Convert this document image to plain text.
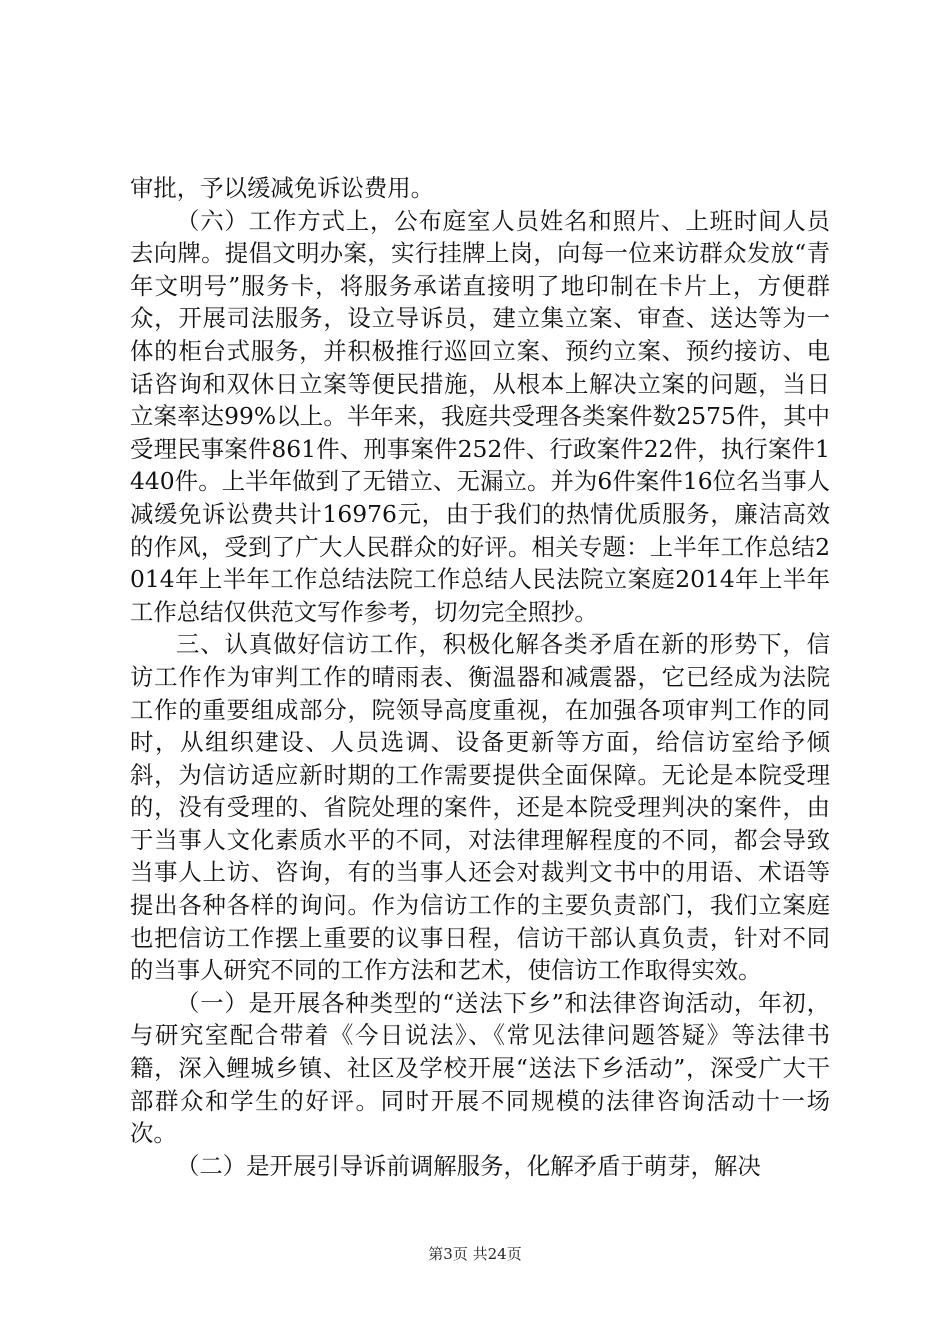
审批，予以缓减免诉讼费用。

（六）工作方式上，公布庭室人员姓名和照片、上班时间人员去向牌。提倡文明办案，实行挂牌上岗，向每一位来访群众发放“青年文明号”服务卡，将服务承诺直接明了地印制在卡片上，方便群众，开展司法服务，设立导诉员，建立集立案、审查、送达等为一体的柜台式服务，并积极推行巡回立案、预约立案、预约接访、电话咨询和双休日立案等便民措施，从根本上解决立案的问题，当日立案率达99%以上。半年来，我庭共受理各类案件数2575件，其中受理民事案件861件、刑事案件252件、行政案件22件，执行案件1440件。上半年做到了无错立、无漏立。并为6件案件16位名当事人减缓免诉讼费共计16976元，由于我们的热情优质服务，廉洁高效的作风，受到了广大人民群众的好评。相关专题：上半年工作总结2014年上半年工作总结法院工作总结人民法院立案庭2014年上半年工作总结仅供范文写作参考，切勿完全照抄。

三、认真做好信访工作，积极化解各类矛盾在新的形势下，信访工作作为审判工作的晴雨表、衡温器和减震器，它已经成为法院工作的重要组成部分，院领导高度重视，在加强各项审判工作的同时，从组织建设、人员选调、设备更新等方面，给信访室给予倾斜，为信访适应新时期的工作需要提供全面保障。无论是本院受理的，没有受理的、省院处理的案件，还是本院受理判决的案件，由于当事人文化素质水平的不同，对法律理解程度的不同，都会导致当事人上访、咨询，有的当事人还会对裁判文书中的用语、术语等提出各种各样的询问。作为信访工作的主要负责部门，我们立案庭也把信访工作摆上重要的议事日程，信访干部认真负责，针对不同的当事人研究不同的工作方法和艺术，使信访工作取得实效。

（一）是开展各种类型的“送法下乡”和法律咨询活动，年初，与研究室配合带着《今日说法》、《常见法律问题答疑》等法律书籍，深入鲤城乡镇、社区及学校开展“送法下乡活动”，深受广大干部群众和学生的好评。同时开展不同规模的法律咨询活动十一场次。

（二）是开展引导诉前调解服务，化解矛盾于萌芽，解决

第3页 共24页
